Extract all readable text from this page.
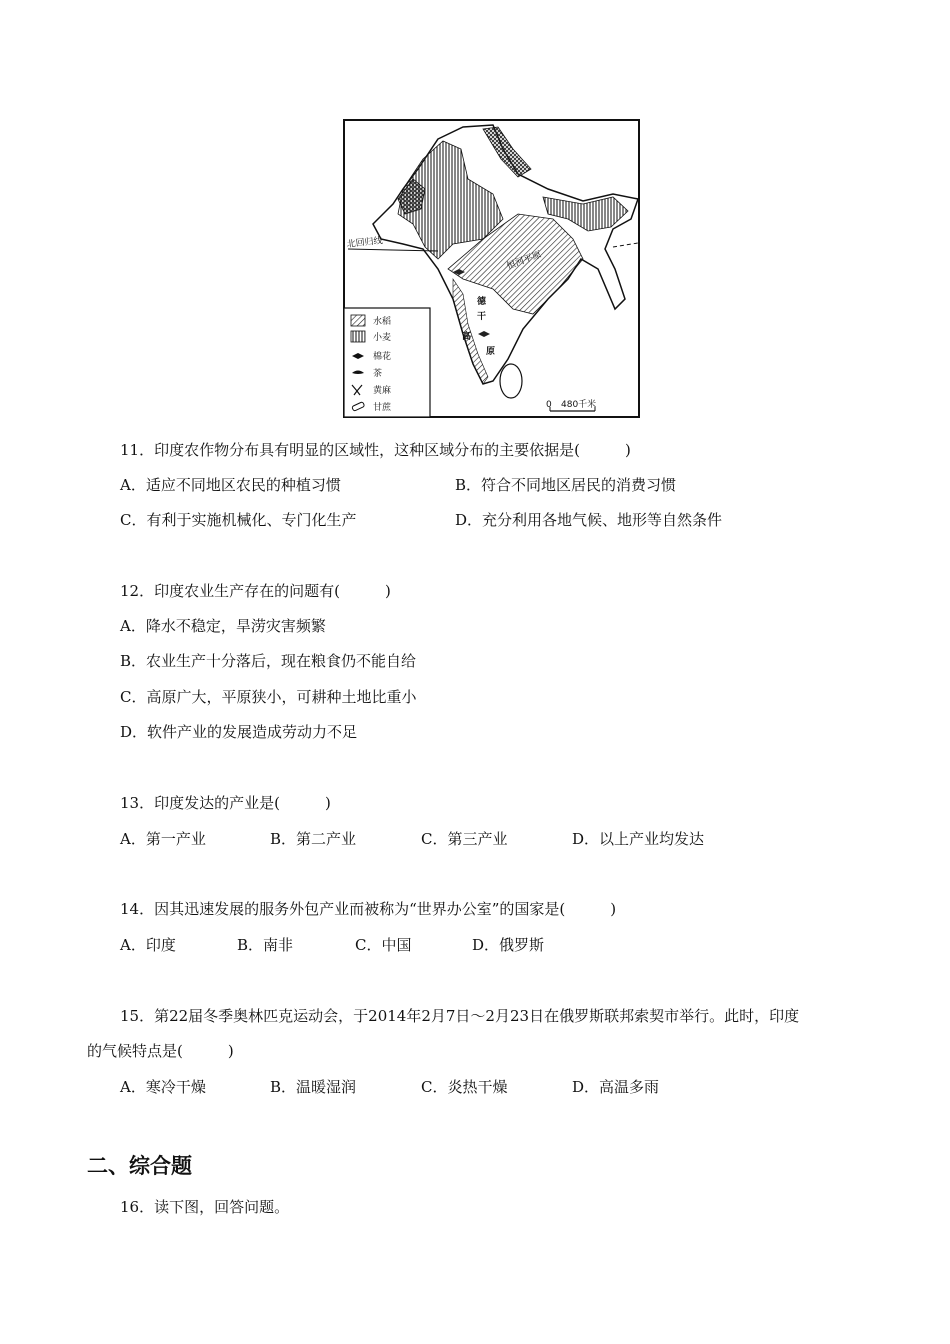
北回归线
恒河平原
德
干
高
原
水稻
小麦
棉花
茶
黄麻
甘蔗	0 480千米
11．印度农作物分布具有明显的区域性，这种区域分布的主要依据是(　　　)
A．适应不同地区农民的种植习惯	B．符合不同地区居民的消费习惯
C．有利于实施机械化、专门化生产	D．充分利用各地气候、地形等自然条件
12．印度农业生产存在的问题有(　　　)
A．降水不稳定，旱涝灾害频繁
B．农业生产十分落后，现在粮食仍不能自给
C．高原广大，平原狭小，可耕种土地比重小
D．软件产业的发展造成劳动力不足
13．印度发达的产业是(　　　)
A．第一产业	B．第二产业	C．第三产业	D．以上产业均发达
14．因其迅速发展的服务外包产业而被称为“世界办公室”的国家是(　　　)
A．印度	B．南非	C．中国	D．俄罗斯
15．第22届冬季奥林匹克运动会，于2014年2月7日～2月23日在俄罗斯联邦索契市举行。此时，印度
的气候特点是(　　　)
A．寒冷干燥	B．温暖湿润	C．炎热干燥	D．高温多雨
二、综合题
16．读下图，回答问题。
